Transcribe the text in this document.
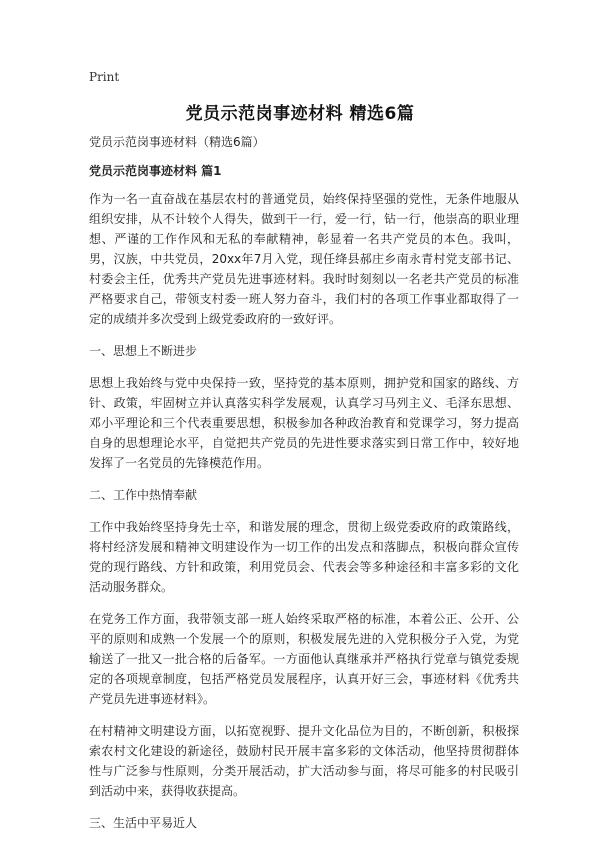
Print
党员示范岗事迹材料 精选6篇

党员示范岗事迹材料（精选6篇）

党员示范岗事迹材料 篇1

作为一名一直奋战在基层农村的普通党员，始终保持坚强的党性，无条件地服从组织安排，从不计较个人得失，做到干一行，爱一行，钻一行，他崇高的职业理想、严谨的工作作风和无私的奉献精神，彰显着一名共产党员的本色。我叫，男，汉族，中共党员，20xx年7月入党，现任绛县郝庄乡南永青村党支部书记、村委会主任，优秀共产党员先进事迹材料。我时时刻刻以一名老共产党员的标准严格要求自己，带领支村委一班人努力奋斗，我们村的各项工作事业都取得了一定的成绩并多次受到上级党委政府的一致好评。

一、思想上不断进步

思想上我始终与党中央保持一致，坚持党的基本原则，拥护党和国家的路线、方针、政策，牢固树立并认真落实科学发展观，认真学习马列主义、毛泽东思想、邓小平理论和三个代表重要思想，积极参加各种政治教育和党课学习，努力提高自身的思想理论水平，自觉把共产党员的先进性要求落实到日常工作中，较好地发挥了一名党员的先锋模范作用。

二、工作中热情奉献

工作中我始终坚持身先士卒，和谐发展的理念，贯彻上级党委政府的政策路线，将村经济发展和精神文明建设作为一切工作的出发点和落脚点，积极向群众宣传党的现行路线、方针和政策，利用党员会、代表会等多种途径和丰富多彩的文化活动服务群众。

在党务工作方面，我带领支部一班人始终采取严格的标准，本着公正、公开、公平的原则和成熟一个发展一个的原则，积极发展先进的入党积极分子入党，为党输送了一批又一批合格的后备军。一方面他认真继承并严格执行党章与镇党委规定的各项规章制度，包括严格党员发展程序，认真开好三会，事迹材料《优秀共产党员先进事迹材料》。

在村精神文明建设方面，以拓宽视野、提升文化品位为目的，不断创新，积极探索农村文化建设的新途径，鼓励村民开展丰富多彩的文体活动，他坚持贯彻群体性与广泛参与性原则，分类开展活动，扩大活动参与面，将尽可能多的村民吸引到活动中来，获得收获提高。

三、生活中平易近人
